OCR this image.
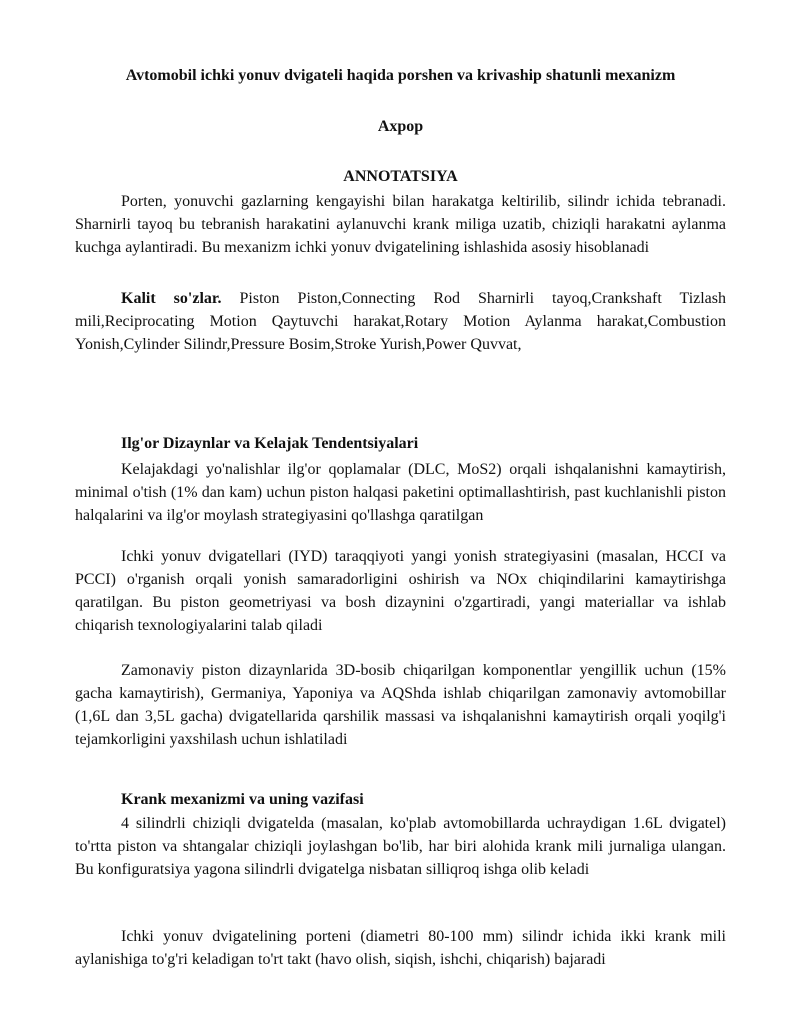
Avtomobil ichki yonuv dvigateli haqida porshen va krivaship shatunli mexanizm

Axpop

ANNOTATSIYA

Porten, yonuvchi gazlarning kengayishi bilan harakatga keltirilib, silindr ichida tebranadi. Sharnirli tayoq bu tebranish harakatini aylanuvchi krank miliga uzatib, chiziqli harakatni aylanma kuchga aylantiradi. Bu mexanizm ichki yonuv dvigatelining ishlashida asosiy hisoblanadi

Kalit so'zlar. Piston Piston,Connecting Rod Sharnirli tayoq,Crankshaft Tizlash mili,Reciprocating Motion Qaytuvchi harakat,Rotary Motion Aylanma harakat,Combustion Yonish,Cylinder Silindr,Pressure Bosim,Stroke Yurish,Power Quvvat,

Ilg'or Dizaynlar va Kelajak Tendentsiyalari

Kelajakdagi yo'nalishlar ilg'or qoplamalar (DLC, MoS2) orqali ishqalanishni kamaytirish, minimal o'tish (1% dan kam) uchun piston halqasi paketini optimallashtirish, past kuchlanishli piston halqalarini va ilg'or moylash strategiyasini qo'llashga qaratilgan

Ichki yonuv dvigatellari (IYD) taraqqiyoti yangi yonish strategiyasini (masalan, HCCI va PCCI) o'rganish orqali yonish samaradorligini oshirish va NOx chiqindilarini kamaytirishga qaratilgan. Bu piston geometriyasi va bosh dizaynini o'zgartiradi, yangi materiallar va ishlab chiqarish texnologiyalarini talab qiladi

Zamonaviy piston dizaynlarida 3D-bosib chiqarilgan komponentlar yengillik uchun (15% gacha kamaytirish), Germaniya, Yaponiya va AQShda ishlab chiqarilgan zamonaviy avtomobillar (1,6L dan 3,5L gacha) dvigatellarida qarshilik massasi va ishqalanishni kamaytirish orqali yoqilg'i tejamkorligini yaxshilash uchun ishlatiladi

Krank mexanizmi va uning vazifasi

4 silindrli chiziqli dvigatelda (masalan, ko'plab avtomobillarda uchraydigan 1.6L dvigatel) to'rtta piston va shtangalar chiziqli joylashgan bo'lib, har biri alohida krank mili jurnaliga ulangan. Bu konfiguratsiya yagona silindrli dvigatelga nisbatan silliqroq ishga olib keladi

Ichki yonuv dvigatelining porteni (diametri 80-100 mm) silindr ichida ikki krank mili aylanishiga to'g'ri keladigan to'rt takt (havo olish, siqish, ishchi, chiqarish) bajaradi
